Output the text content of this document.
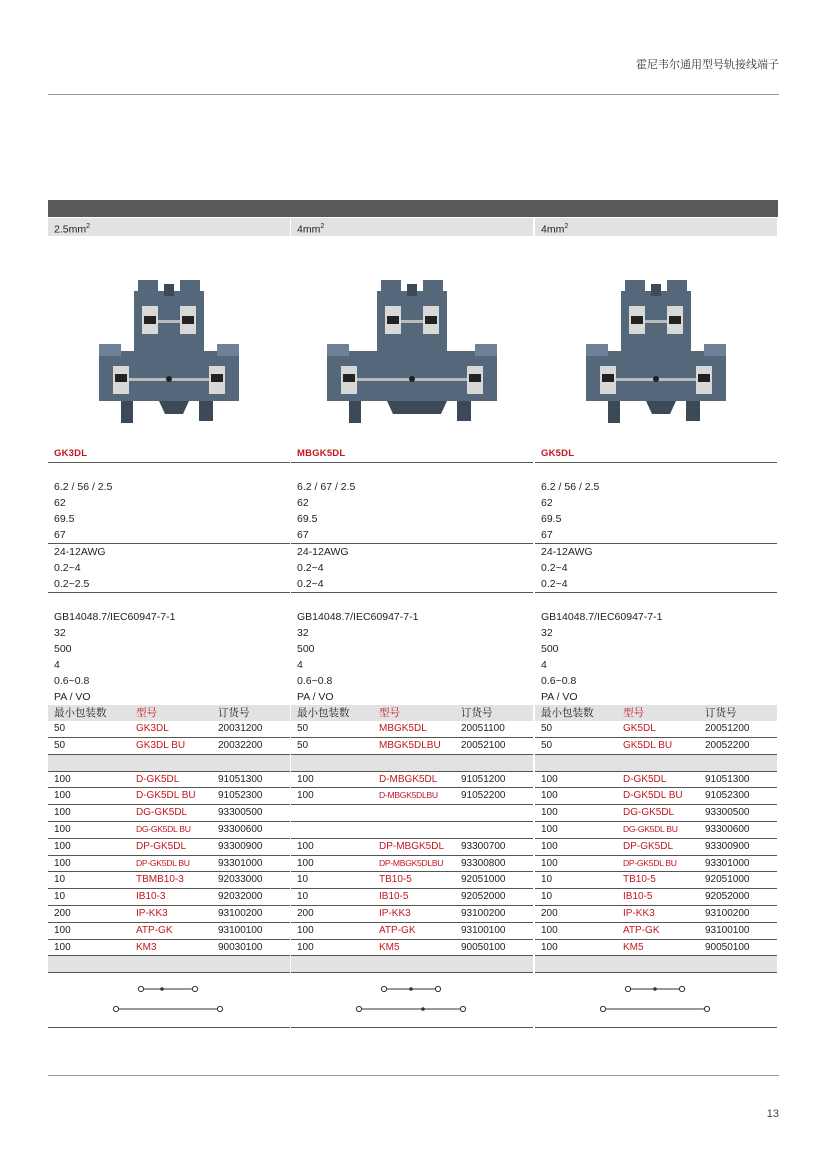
霍尼韦尔通用型号轨接线端子
$2.5mm^2$
GK3DL
6.2 / 56 / 2.5
62
69.5
67
24-12AWG
0.2~4
0.2~2.5
GB14048.7/IEC60947-7-1
32
500
4
0.6~0.8
PA / VO
最小包装数	型号	订货号
50	GK3DL	20031200
50	GK3DL BU	20032200
100	D-GK5DL	91051300
100	D-GK5DL BU	91052300
100	DG-GK5DL	93300500
100	DG-GK5DL BU	93300600
100	DP-GK5DL	93300900
100	DP-GK5DL BU	93301000
10	TBMB10-3	92033000
10	IB10-3	92032000
200	IP-KK3	93100200
100	ATP-GK	93100100
100	KM3	90030100
$4mm^2$
MBGK5DL
6.2 / 67 / 2.5
62
69.5
67
24-12AWG
0.2~4
0.2~4
GB14048.7/IEC60947-7-1
32
500
4
0.6~0.8
PA / VO
最小包装数	型号	订货号
50	MBGK5DL	20051100
50	MBGK5DLBU	20052100
100	D-MBGK5DL	91051200
100	D-MBGK5DLBU	91052200
100	DP-MBGK5DL	93300700
100	DP-MBGK5DLBU	93300800
10	TB10-5	92051000
10	IB10-5	92052000
200	IP-KK3	93100200
100	ATP-GK	93100100
100	KM5	90050100
$4mm^2$
GK5DL
6.2 / 56 / 2.5
62
69.5
67
24-12AWG
0.2~4
0.2~4
GB14048.7/IEC60947-7-1
32
500
4
0.6~0.8
PA / VO
最小包装数	型号	订货号
50	GK5DL	20051200
50	GK5DL BU	20052200
100	D-GK5DL	91051300
100	D-GK5DL BU	91052300
100	DG-GK5DL	93300500
100	DG-GK5DL BU	93300600
100	DP-GK5DL	93300900
100	DP-GK5DL BU	93301000
10	TB10-5	92051000
10	IB10-5	92052000
200	IP-KK3	93100200
100	ATP-GK	93100100
100	KM5	90050100
13
